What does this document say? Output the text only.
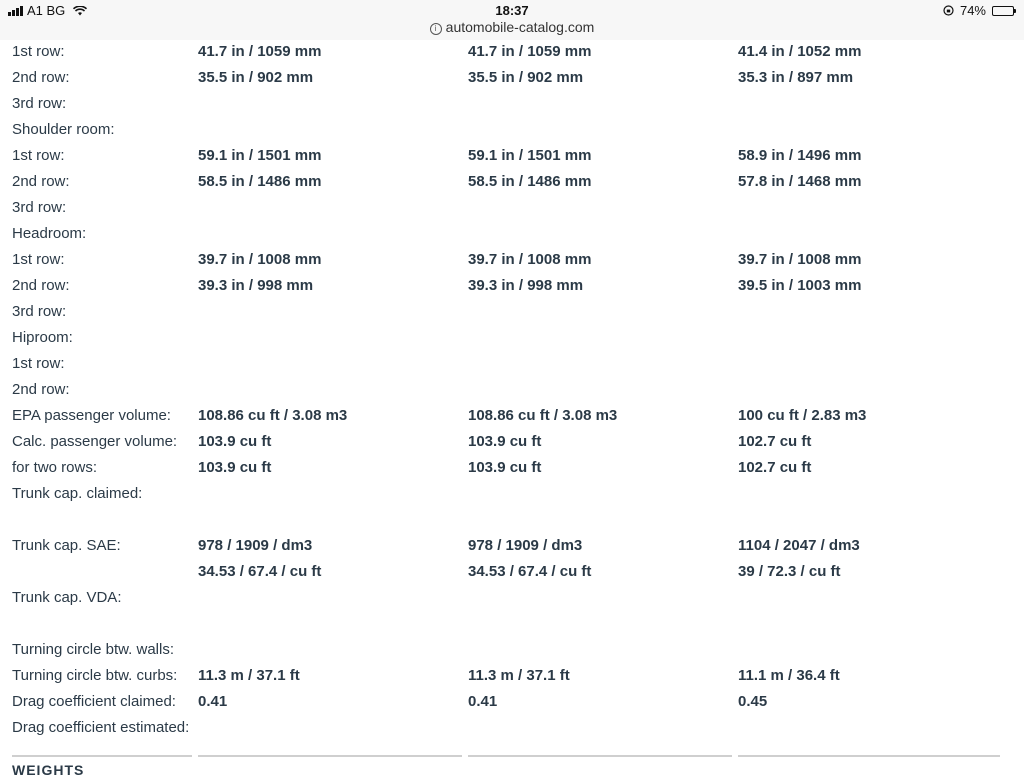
A1 BG	18:37	74%
i automobile-catalog.com
1st row:	41.7 in / 1059 mm	41.7 in / 1059 mm	41.4 in / 1052 mm
2nd row:	35.5 in / 902 mm	35.5 in / 902 mm	35.3 in / 897 mm
3rd row:
Shoulder room:
1st row:	59.1 in / 1501 mm	59.1 in / 1501 mm	58.9 in / 1496 mm
2nd row:	58.5 in / 1486 mm	58.5 in / 1486 mm	57.8 in / 1468 mm
3rd row:
Headroom:
1st row:	39.7 in / 1008 mm	39.7 in / 1008 mm	39.7 in / 1008 mm
2nd row:	39.3 in / 998 mm	39.3 in / 998 mm	39.5 in / 1003 mm
3rd row:
Hiproom:
1st row:
2nd row:
EPA passenger volume:	108.86 cu ft / 3.08 m3	108.86 cu ft / 3.08 m3	100 cu ft / 2.83 m3
Calc. passenger volume:	103.9 cu ft	103.9 cu ft	102.7 cu ft
for two rows:	103.9 cu ft	103.9 cu ft	102.7 cu ft
Trunk cap. claimed:
Trunk cap. SAE:	978 / 1909 / dm3	978 / 1909 / dm3	1104 / 2047 / dm3
34.53 / 67.4 / cu ft	34.53 / 67.4 / cu ft	39 / 72.3 / cu ft
Trunk cap. VDA:
Turning circle btw. walls:
Turning circle btw. curbs:	11.3 m / 37.1 ft	11.3 m / 37.1 ft	11.1 m / 36.4 ft
Drag coefficient claimed:	0.41	0.41	0.45
Drag coefficient estimated:
WEIGHTS
